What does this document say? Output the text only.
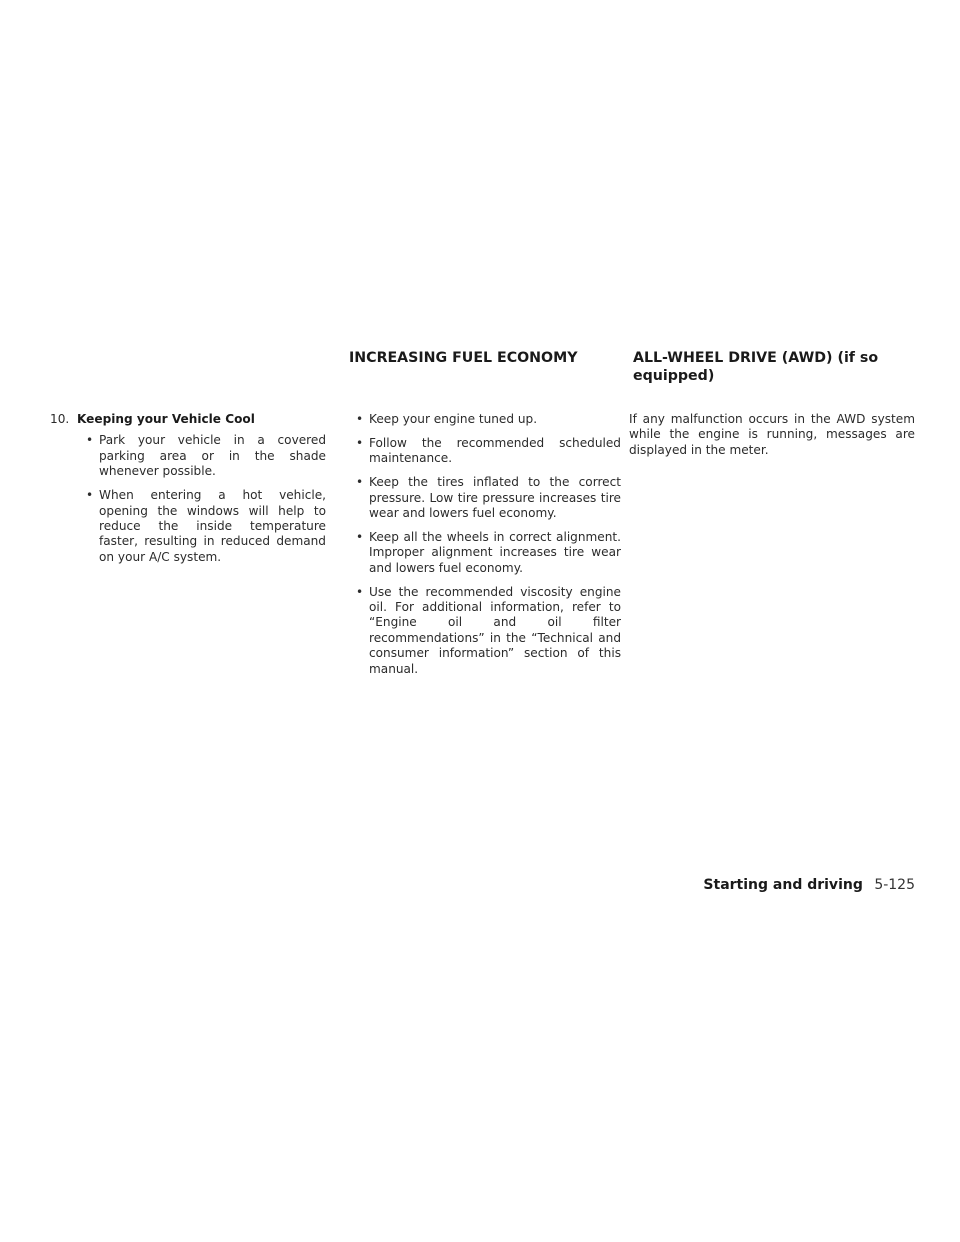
10. Keeping your Vehicle Cool
• Park your vehicle in a covered parking area or in the shade whenever possible.
• When entering a hot vehicle, opening the windows will help to reduce the inside temperature faster, resulting in reduced demand on your A/C system.
INCREASING FUEL ECONOMY
• Keep your engine tuned up.
• Follow the recommended scheduled maintenance.
• Keep the tires inflated to the correct pressure. Low tire pressure increases tire wear and lowers fuel economy.
• Keep all the wheels in correct alignment. Improper alignment increases tire wear and lowers fuel economy.
• Use the recommended viscosity engine oil. For additional information, refer to “Engine oil and oil filter recommendations” in the “Technical and consumer information” section of this manual.
ALL-WHEEL DRIVE (AWD) (if so equipped)

If any malfunction occurs in the AWD system while the engine is running, messages are displayed in the meter.

Starting and driving 5-125
